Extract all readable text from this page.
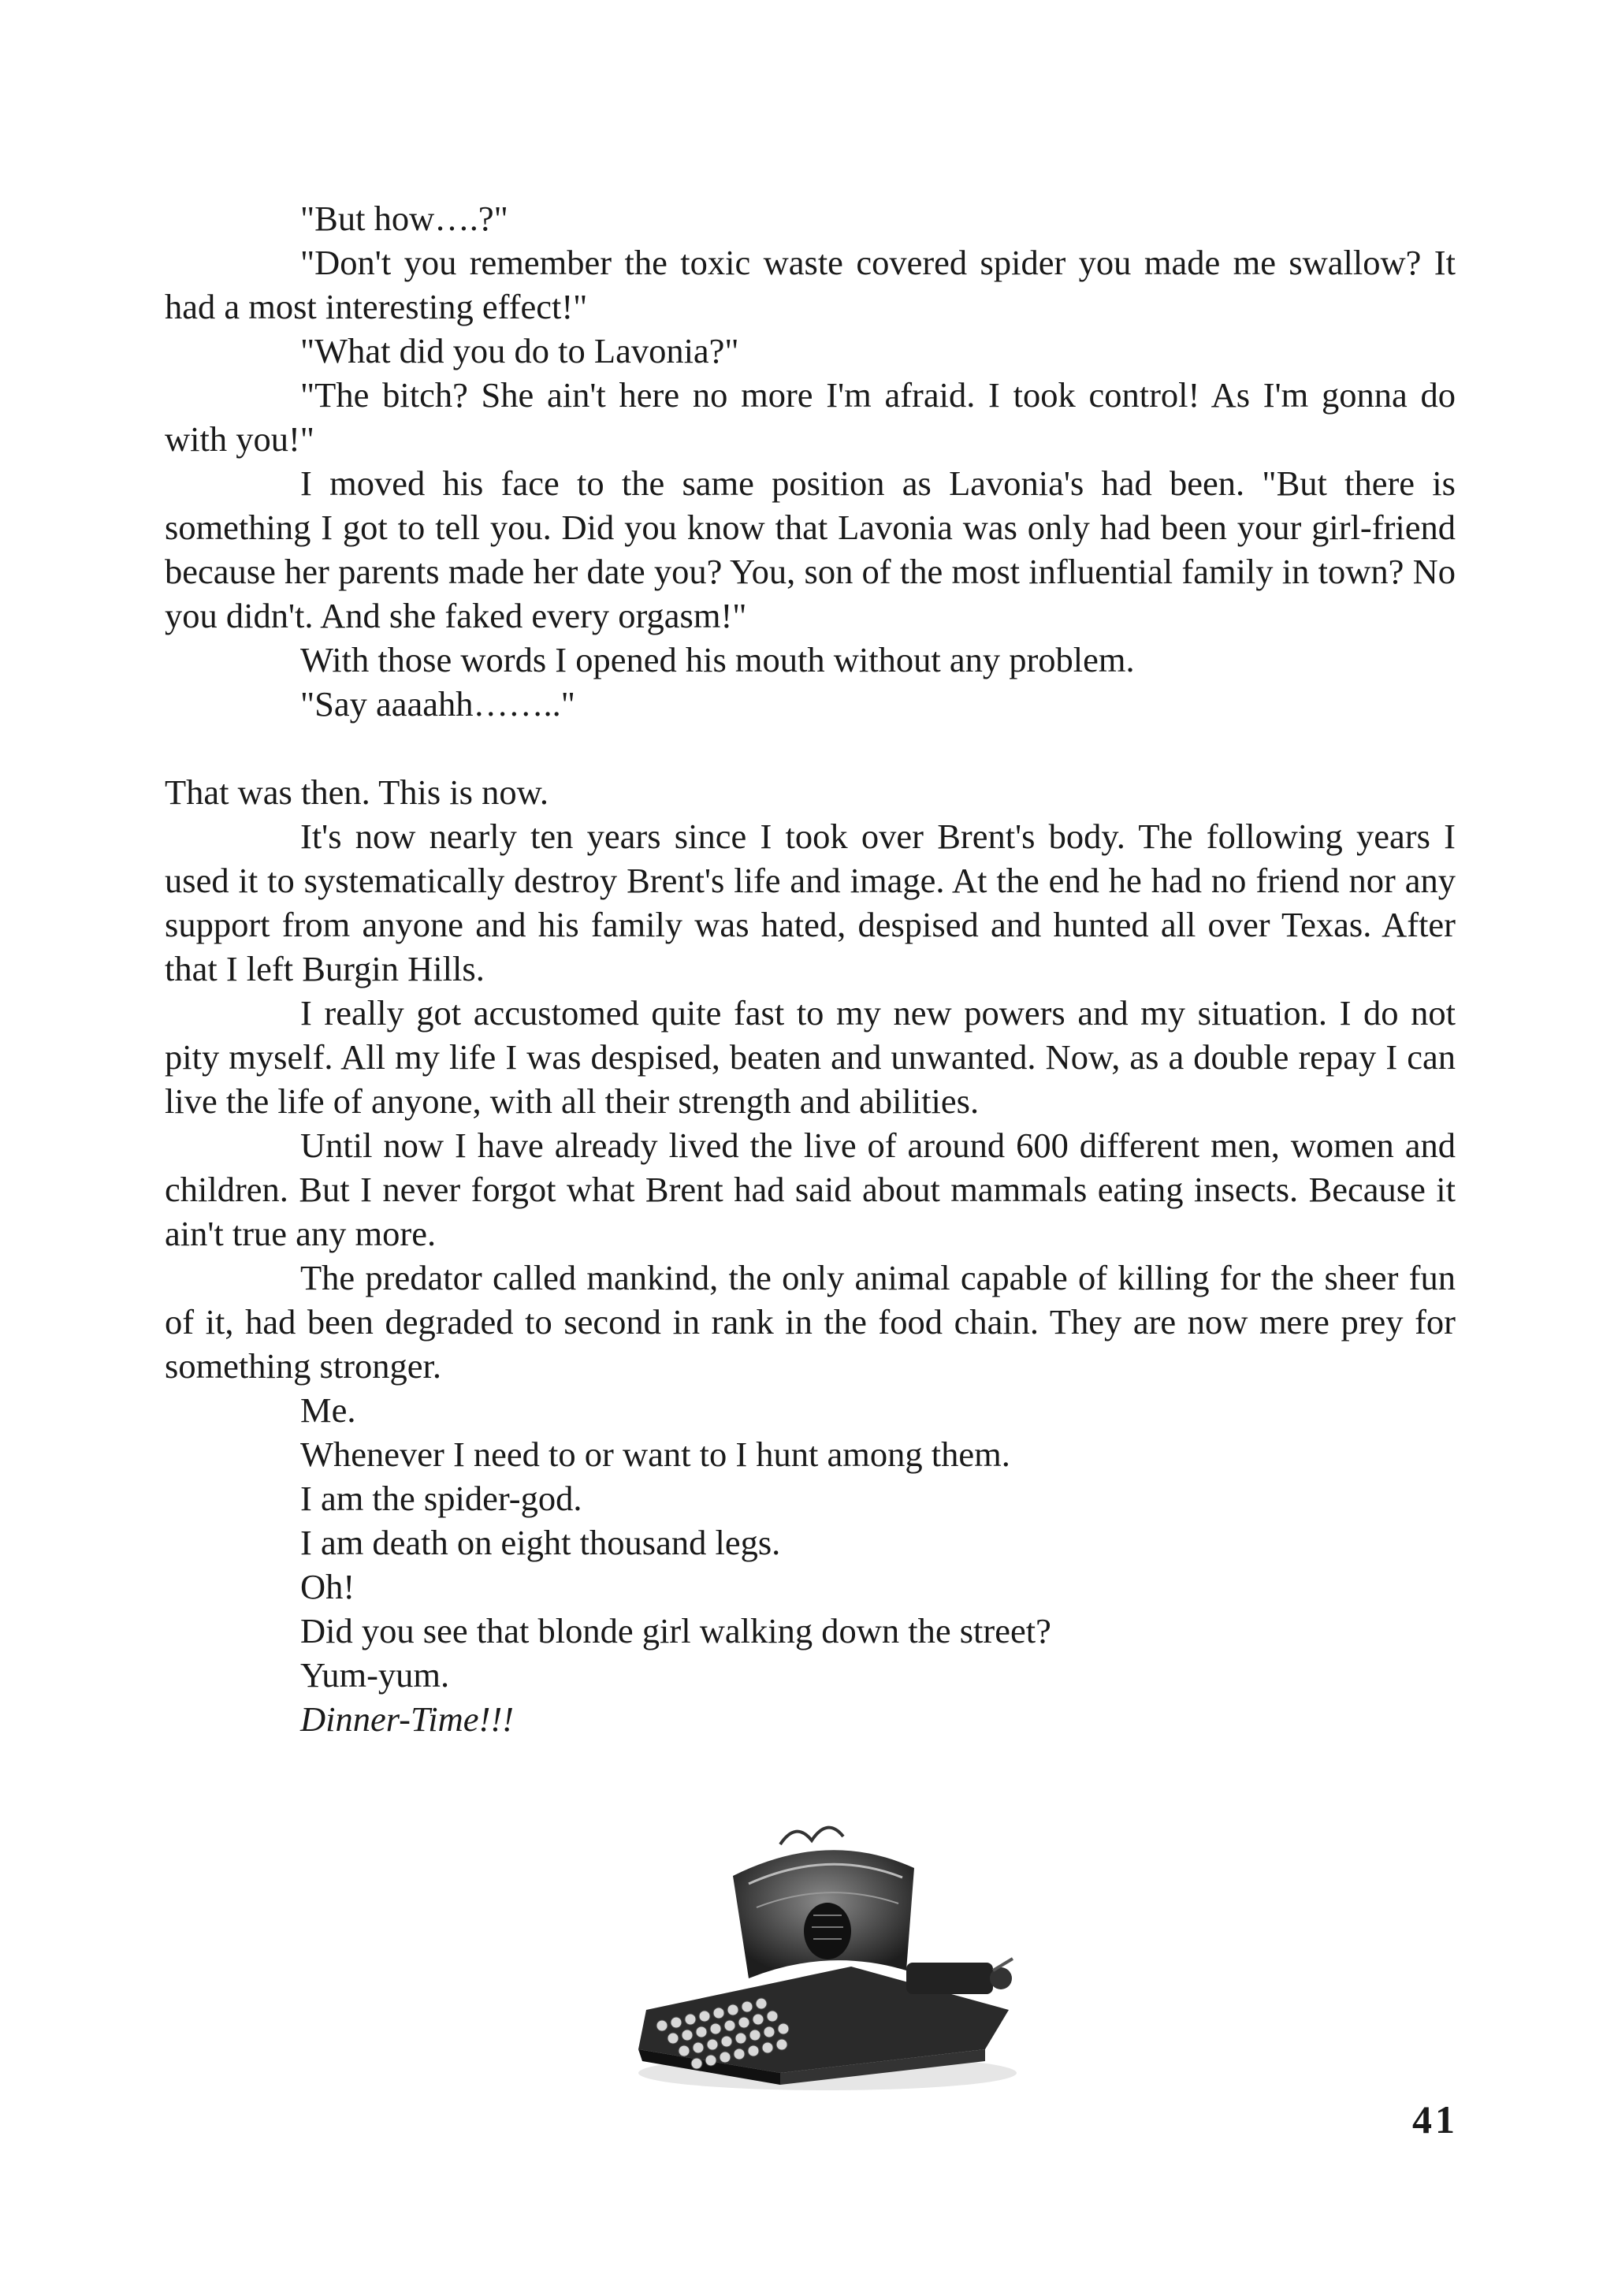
"But how….?"

"Don't you remember the toxic waste covered spider you made me swallow? It had a most interesting effect!"

"What did you do to Lavonia?"

"The bitch? She ain't here no more I'm afraid. I took control! As I'm gonna do with you!"

I moved his face to the same position as Lavonia's had been. "But there is something I got to tell you. Did you know that Lavonia was only had been your girl-friend because her parents made her date you? You, son of the most influential family in town? No you didn't. And she faked every orgasm!"

With those words I opened his mouth without any problem.

"Say aaaahh…….."

That was then. This is now.

It's now nearly ten years since I took over Brent's body. The following years I used it to systematically destroy Brent's life and image. At the end he had no friend nor any support from anyone and his family was hated, despised and hunted all over Texas. After that I left Burgin Hills.

I really got accustomed quite fast to my new powers and my situation. I do not pity myself. All my life I was despised, beaten and unwanted. Now, as a double repay I can live the life of anyone, with all their strength and abilities.

Until now I have already lived the live of around 600 different men, women and children. But I never forgot what Brent had said about mammals eating insects. Because it ain't true any more.

The predator called mankind, the only animal capable of killing for the sheer fun of it, had been degraded to second in rank in the food chain. They are now mere prey for something stronger.

Me.

Whenever I need to or want to I hunt among them.

I am the spider-god.

I am death on eight thousand legs.

Oh!

Did you see that blonde girl walking down the street?

Yum-yum.

Dinner-Time!!!

41
